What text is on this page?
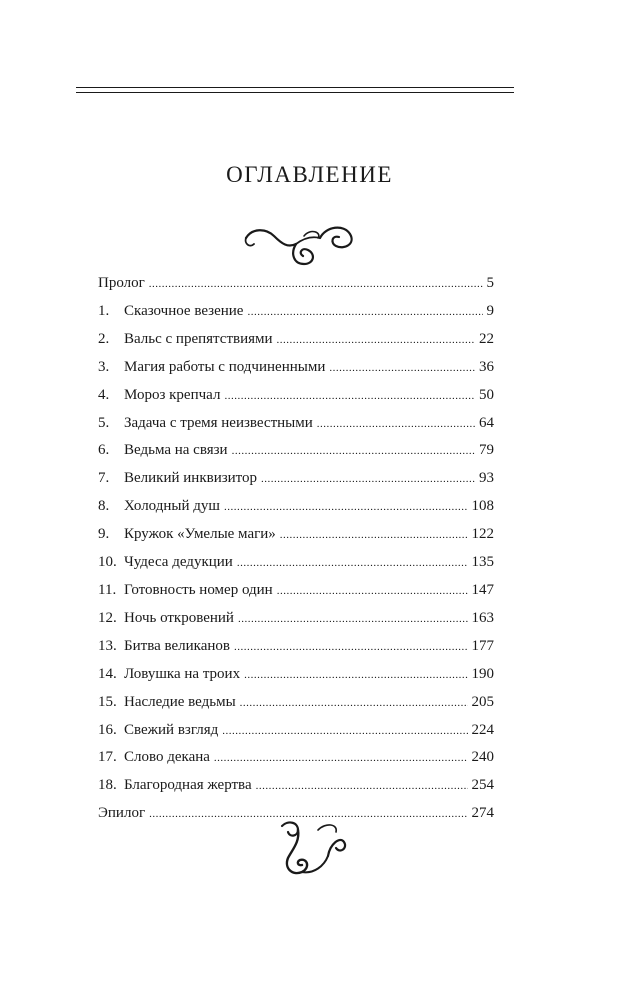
ОГЛАВЛЕНИЕ
Пролог .....	5
1. Сказочное везение .....	9
2. Вальс с препятствиями .....	22
3. Магия работы с подчиненными .....	36
4. Мороз крепчал .....	50
5. Задача с тремя неизвестными .....	64
6. Ведьма на связи .....	79
7. Великий инквизитор .....	93
8. Холодный душ .....	108
9. Кружок «Умелые маги» .....	122
10. Чудеса дедукции .....	135
11. Готовность номер один .....	147
12. Ночь откровений .....	163
13. Битва великанов .....	177
14. Ловушка на троих .....	190
15. Наследие ведьмы .....	205
16. Свежий взгляд .....	224
17. Слово декана .....	240
18. Благородная жертва .....	254
Эпилог .....	274
